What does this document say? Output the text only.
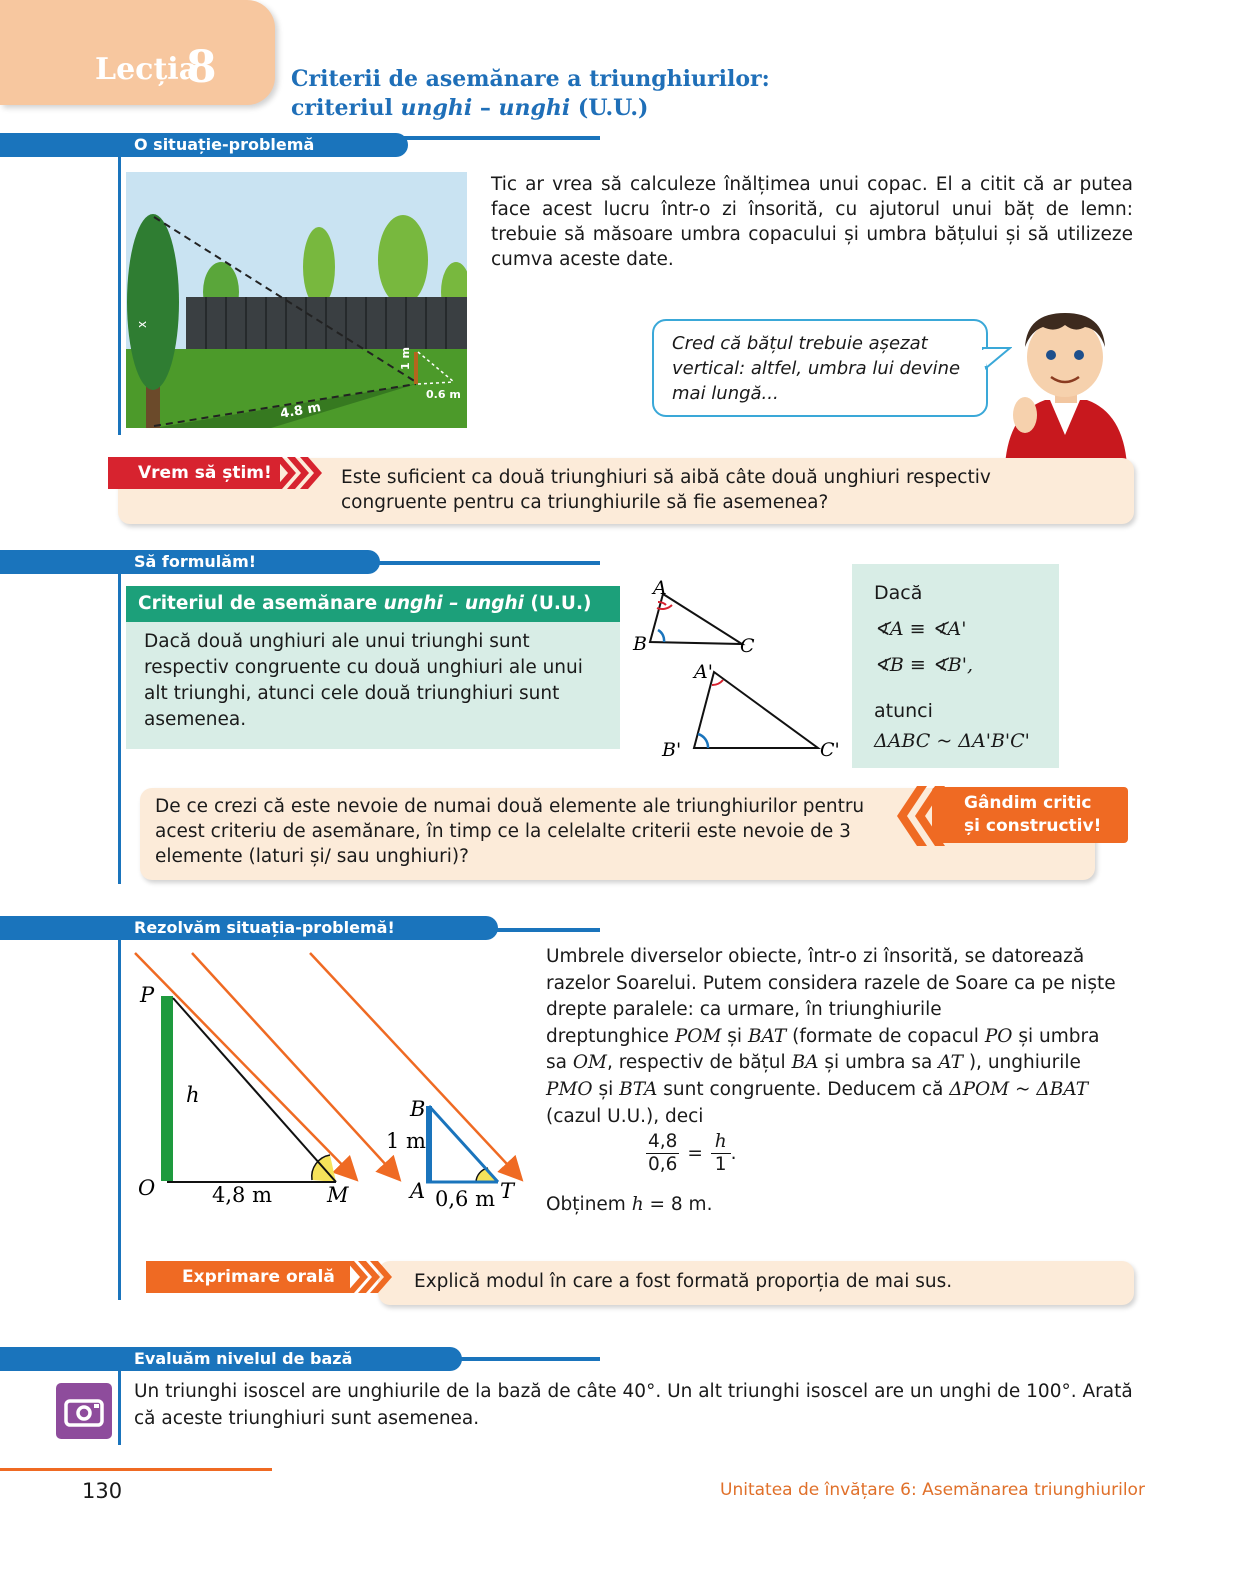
Lecția
8	Criterii de asemănare a triunghiurilor:
criteriul unghi – unghi (U.U.)
O situație-problemă
x
1 m
4.8 m
0.6 m
Tic ar vrea să calculeze înălțimea unui copac. El a citit că ar putea face acest lucru într-o zi însorită, cu ajutorul unui băț de lemn: trebuie să măsoare umbra copacului și umbra bățului și să utilizeze cumva aceste date.
Cred că bățul trebuie așezat vertical: altfel, umbra lui devine mai lungă...
Vrem să știm!	Este suficient ca două triunghiuri să aibă câte două unghiuri respectiv congruente pentru ca triunghiurile să fie asemenea?
Să formulăm!
Criteriul de asemănare unghi – unghi (U.U.)
Dacă două unghiuri ale unui triunghi sunt respectiv congruente cu două unghiuri ale unui alt triunghi, atunci cele două triunghiuri sunt asemenea.
A
B	C
A'
B'	C'
Dacă
∢A ≡ ∢A'
∢B ≡ ∢B',
atunci
ΔABC ~ ΔA'B'C'
De ce crezi că este nevoie de numai două elemente ale triunghiurilor pentru acest criteriu de asemănare, în timp ce la celelalte criterii este nevoie de 3 elemente (laturi și/ sau unghiuri)?
Gândim critic
și constructiv!
Rezolvăm situația-problemă!
P
h
O	4,8 m	M
B
1 m
A 0,6 m T
Umbrele diverselor obiecte, într-o zi însorită, se datorează razelor Soarelui. Putem considera razele de Soare ca pe niște drepte paralele: ca urmare, în triunghiurile
dreptunghice POM și BAT (formate de copacul PO și umbra
sa OM, respectiv de bățul BA și umbra sa AT ), unghiurile
PMO și BTA sunt congruente. Deducem că ΔPOM ~ ΔBAT
(cazul U.U.), deci
$\frac{4,8}{0,6} = \frac{h}{1}$ .
Obținem h = 8 m.
Exprimare orală	Explică modul în care a fost formată proporția de mai sus.
Evaluăm nivelul de bază
Un triunghi isoscel are unghiurile de la bază de câte 40°. Un alt triunghi isoscel are un unghi de 100°. Arată că aceste triunghiuri sunt asemenea.
130	Unitatea de învățare 6: Asemănarea triunghiurilor
